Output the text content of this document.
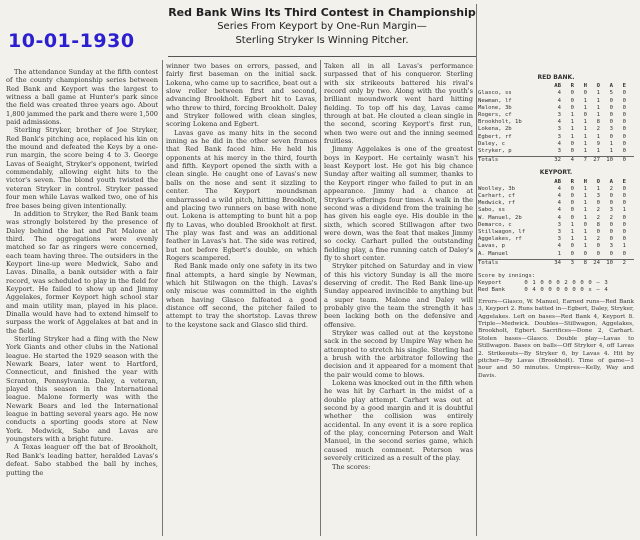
10-01-1930
Red Bank Wins Its Third Contest in Championship
Series From Keyport by One-Run Margin—
Sterling Stryker Is Winning Pitcher.

The attendance Sunday at the fifth contest of the county championship series between Red Bank and Keyport was the largest to witness a ball game at Hunter's park since the field was created three years ago. About 1,800 jammed the park and there were 1,500 paid admissions.

Sterling Stryker, brother of Joe Stryker, Red Bank's pitching ace, replaced his kin on the mound and defeated the Keys by a one-run margin, the score being 4 to 3. George Lavas of Seaight, Stryker's opponent, twirled commendably, allowing eight hits to the victor's seven. The blond youth twisted the veteran Stryker in control. Stryker passed four men while Lavas walked two, one of his free bases being given intentionally.

In addition to Stryker, the Red Bank team was strongly bolstered by the presence of Daley behind the bat and Pat Malone at third. The aggregations were evenly matched so far as ringers were concerned, each team having three. The outsiders in the Keyport line-up were Medwick, Sabo and Lavas. Dinalla, a bank outsider with a fair record, was scheduled to play in the field for Keyport. He failed to show up and Jimmy Aggelakes, former Keyport high school star and main utility man, played in his place. Dinalla would have had to extend himself to surpass the work of Aggelakes at bat and in the field.

Sterling Stryker had a fling with the New York Giants and other clubs in the National league. He started the 1929 season with the Newark Bears, later went to Hartford, Connecticut, and finished the year with Scranton, Pennsylvania. Daley, a veteran, played this season in the International league. Malone formerly was with the Newark Bears and led the International league in batting several years ago. He now conducts a sporting goods store at New York. Medwick, Sabo and Lavas are youngsters with a bright future.

A Texas leaguer off the bat of Brookholt, Red Bank's leading batter, heralded Lavas's defeat. Sabo stabbed the ball by inches, putting the

winner two bases on errors, passed, and fairly first baseman on the initial sack. Lokena, who came up to sacrifice, beat out a slow roller between first and second, advancing Brookholt. Egbert hit to Lavas, who threw to third, forcing Brookholt. Daley and Stryker followed with clean singles, scoring Lokena and Egbert.

Lavas gave as many hits in the second inning as he did in the other seven frames that Red Bank faced him. He held his opponents at his mercy in the third, fourth and fifth. Keyport opened the sixth with a clean single. He caught one of Lavas's new balls on the nose and sent it sizzling to center. The Keyport moundsman embarrassed a wild pitch, hitting Brookholt, and placing two runners on base with none out. Lokena is attempting to bunt hit a pop fly to Lavas, who doubled Brookholt at first. The play was fast and was an additional feather in Lavas's hat. The side was retired, but not before Egbert's double, on which Rogers scampered.

Red Bank made only one safety in its two final attempts, a hard single by Newman, which hit Stilwagon on the thigh. Lavas's only miscue was committed in the eighth when having Glasco falfeated a good distance off second, the pitcher failed to attempt to tray the shortstop. Lavas threw to the keystone sack and Glasco slid third.

Taken all in all Lavas's performance surpassed that of his conqueror. Sterling with six strikeouts battered his rival's record only by two. Along with the youth's brilliant moundwork went hard hitting fielding. To top off his day, Lavas came through at bat. He clouted a clean single in the second, scoring Keyport's first run, when two were out and the inning seemed fruitless.

Jimmy Aggelakes is one of the greatest boys in Keyport. He certainly wasn't his least Keyport lost. He got his big chance Sunday after waiting all summer, thanks to the Keyport ringer who failed to put in an appearance. Jimmy had a chance at Stryker's offerings four times. A walk in the second was a dividend from the training he has given his eagle eye. His double in the sixth, which scored Stillwagon after two were down, was the feat that makes Jimmy so cocky. Carhart pulled the outstanding fielding play, a fine running catch of Daley's fly to short center.

Stryker pitched on Saturday and in view of this his victory Sunday is all the more deserving of credit. The Red Bank line-up Sunday appeared invincible to anything but a super team. Malone and Daley will probably give the team the strength it has been lacking both on the defensive and offensive.

Stryker was called out at the keystone sack in the second by Umpire Way when he attempted to stretch his single. Sterling had a brush with the arbitrator following the decision and it appeared for a moment that the pair would come to blows.

Lokena was knocked out in the fifth when he was hit by Carhart in the midst of a double play attempt. Carhart was out at second by a good margin and it is doubtful whether the collision was entirely accidental. In any event it is a sore replica of the play, concerning Peterson and Walt Manuel, in the second series game, which caused much comment. Peterson was severely criticized as a result of the play.

The scores:

RED BANK.
AB	R	H	O	A	E
Glasco, ss	4	0	0	1	5	0
Newman, lf	4	0	1	1	0	0
Malone, 3b	4	0	1	1	0	0
Rogers, cf	3	1	0	1	0	0
Brookholt, 1b	4	1	1	8	0	0
Lokena, 2b	3	1	1	2	3	0
Egbert, rf	3	1	1	1	0	0
Daley, c	4	0	1	9	1	0
Stryker, p	3	0	1	1	1	0
Totals	32	4	7	27	10	0
KEYPORT.
AB	R	H	O	A	E
Woolley, 3b	4	0	1	1	2	0
Carhart, cf	4	0	1	3	0	0
Medwick, rf	4	0	1	0	0	0
Sabo, ss	4	0	1	2	3	1
W. Manuel, 2b	4	0	1	2	2	0
Demarco, c	3	1	0	8	0	0
Stillwagon, lf	3	1	1	0	0	0
Aggelakes, rf	3	1	1	2	0	0
Lavas, p	4	0	1	0	3	1
A. Manuel	1	0	0	0	0	0
Totals	34	3	8	24	10	2
Score by innings:
Keyport	0 1 0 0 0 2 0 0 0 — 3
Red Bank	0 4 0 0 0 0 0 0 x — 4
Errors—Glasco, W. Manuel, Earned runs—Red Bank 3, Keyport 2. Runs batted in—Egbert, Daley, Stryker, Aggelakes. Left on bases—Red Bank 4, Keyport 8. Triple—Medwick. Doubles—Stillwagon, Aggelakes, Brookholt, Egbert. Sacrifices—Done 2, Carhart. Stolen bases—Glasco. Double play—Lavas to Stillwagon. Bases on balls—Off Stryker 4, off Lavas 2. Strikeouts—By Stryker 6, by Lavas 4. Hit by pitcher—By Lavas (Brookholt). Time of game—1 hour and 50 minutes. Umpires—Kelly, Way and Davis.
